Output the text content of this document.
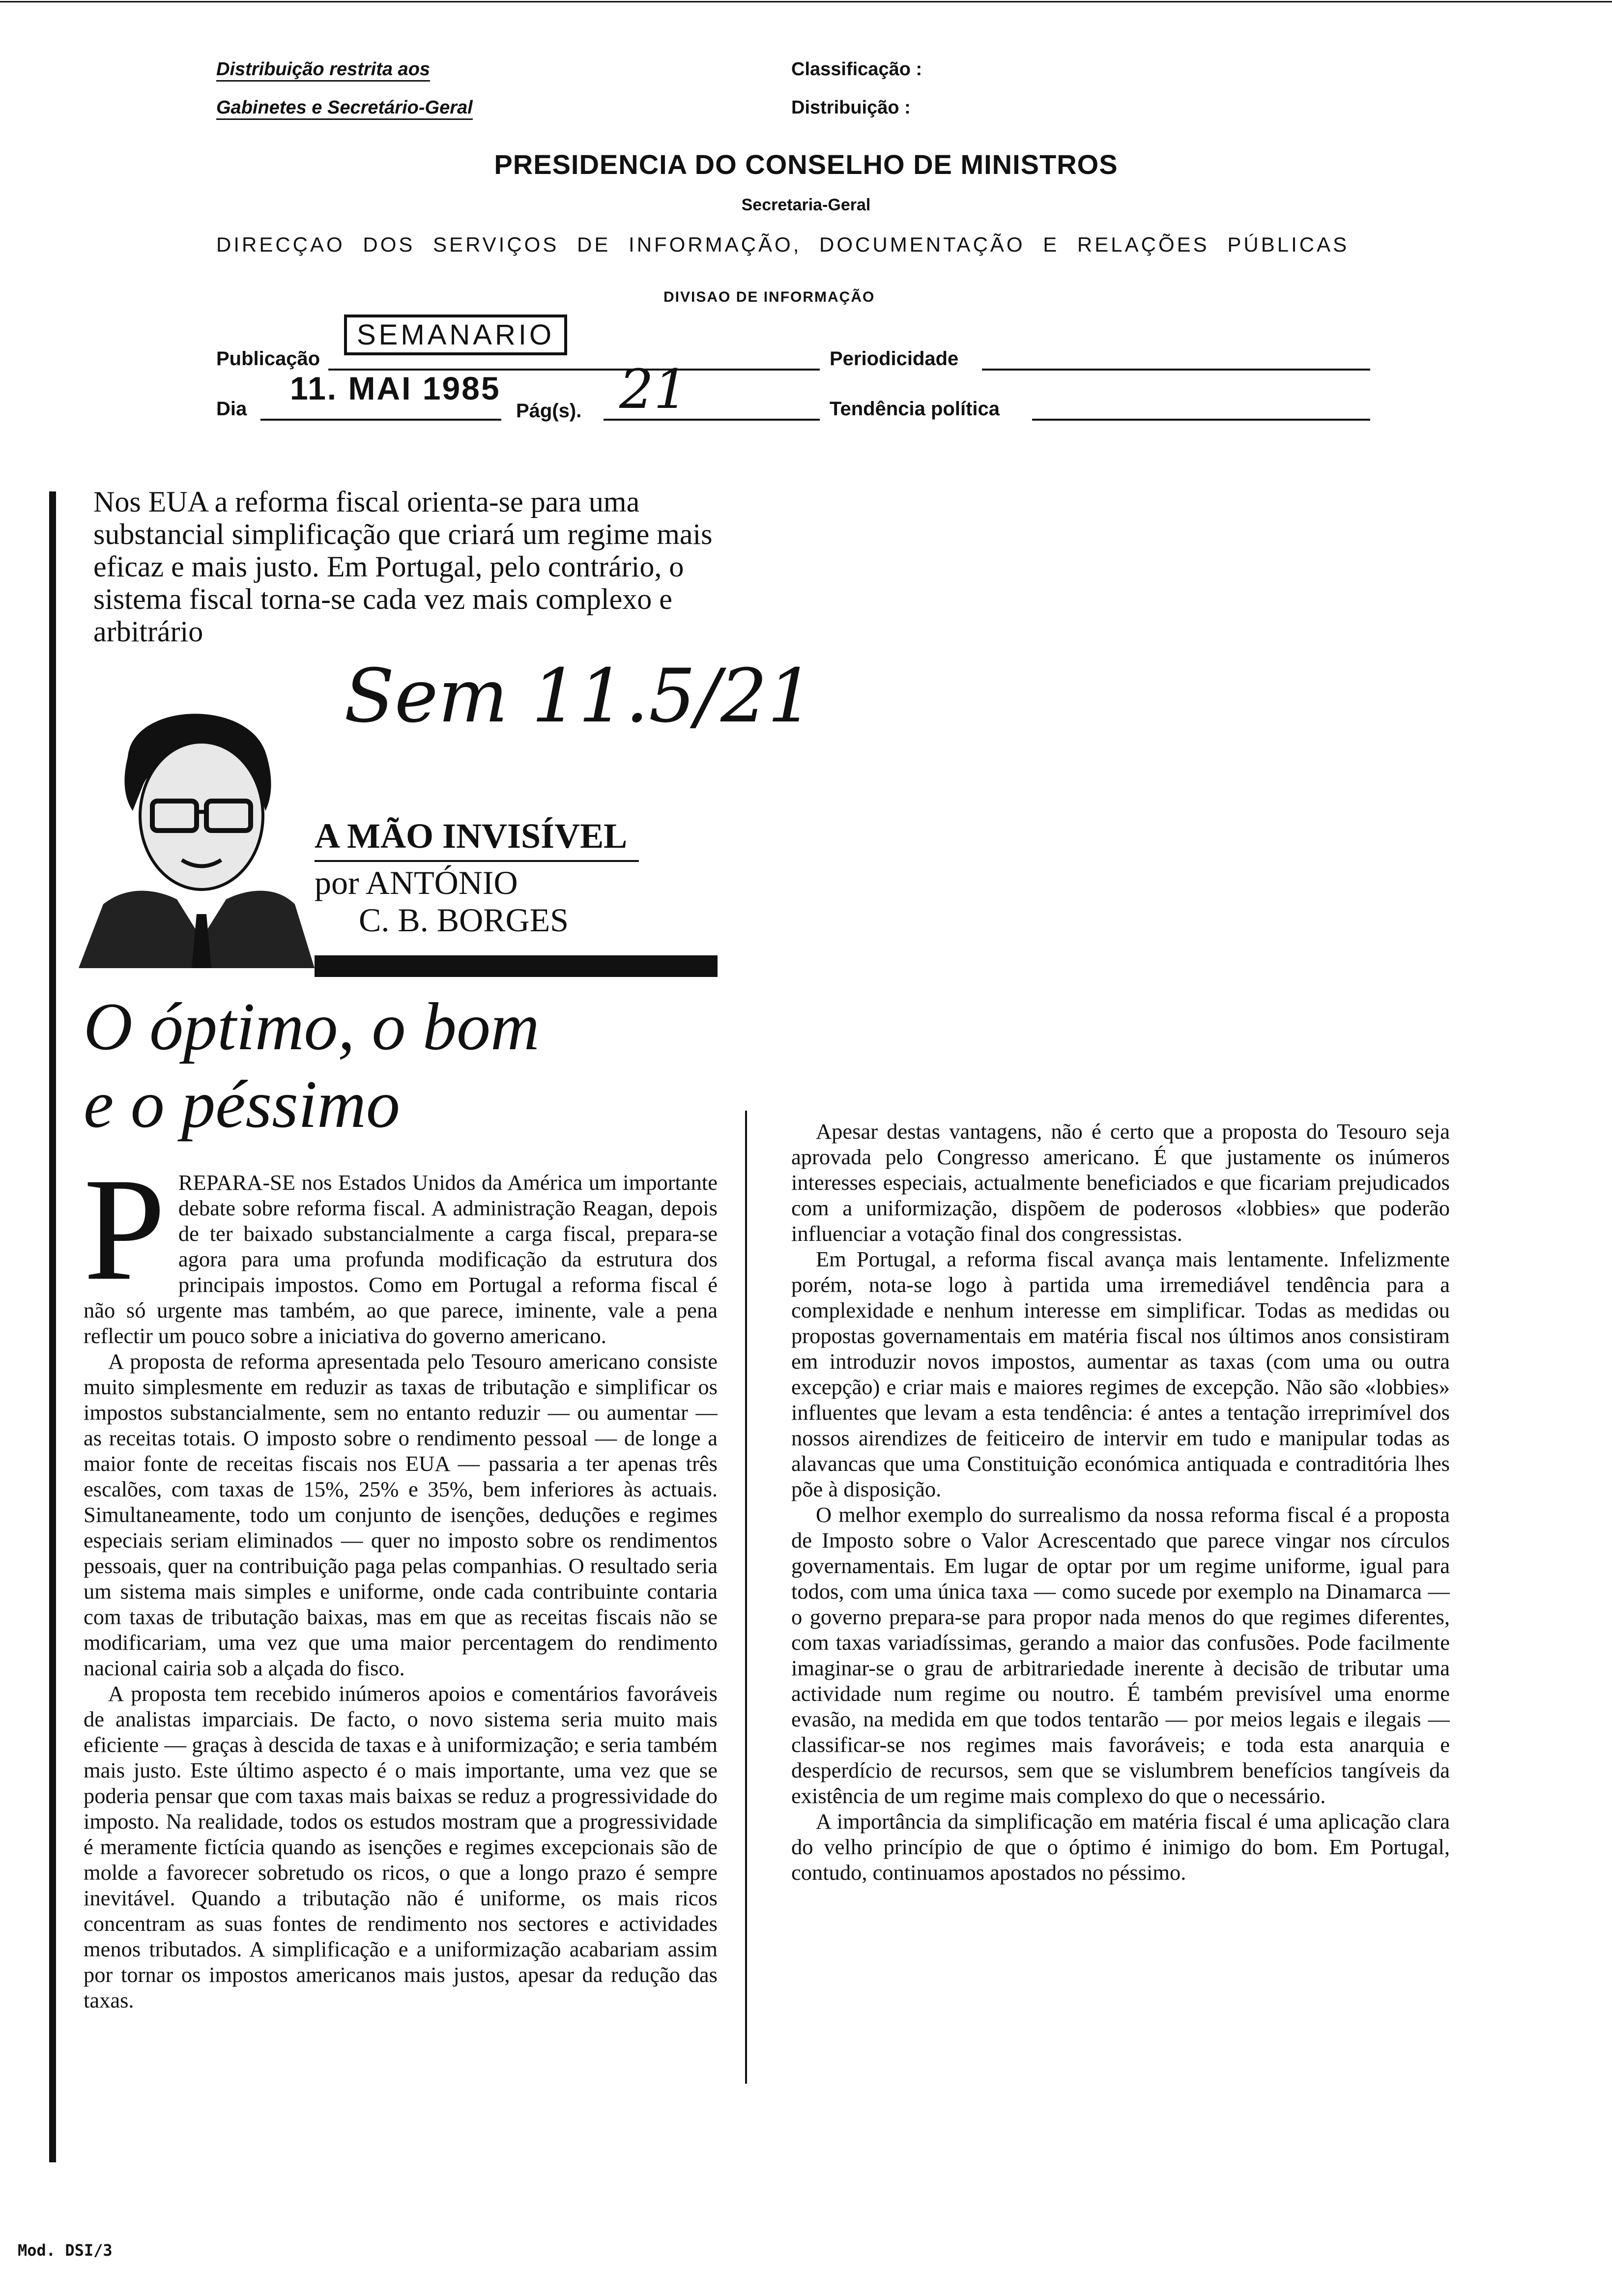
Distribuição restrita aos
Gabinetes e Secretário-Geral
Classificação :
Distribuição :
PRESIDENCIA DO CONSELHO DE MINISTROS
Secretaria-Geral
DIRECÇAO DOS SERVIÇOS DE INFORMAÇÃO, DOCUMENTAÇÃO E RELAÇÕES PÚBLICAS
DIVISAO DE INFORMAÇÃO
SEMANARIO
Publicação	Periodicidade
Dia
11. MAI 1985
Pág(s). 21	Tendência política
Nos EUA a reforma fiscal orienta-se para uma substancial simplificação que criará um regime mais eficaz e mais justo. Em Portugal, pelo contrário, o sistema fiscal torna-se cada vez mais complexo e arbitrário
Sem 11.5/21
A MÃO INVISÍVEL
por ANTÓNIO
C. B. BORGES
O óptimo, o bom
e o péssimo
P REPARA-SE nos Estados Unidos da América um importante debate sobre reforma fiscal. A administração Reagan, depois de ter baixado substancialmente a carga fiscal, prepara-se agora para uma profunda modificação da estrutura dos principais impostos. Como em Portugal a reforma fiscal é não só urgente mas também, ao que parece, iminente, vale a pena reflectir um pouco sobre a iniciativa do governo americano.

A proposta de reforma apresentada pelo Tesouro americano consiste muito simplesmente em reduzir as taxas de tributação e simplificar os impostos substancialmente, sem no entanto reduzir — ou aumentar — as receitas totais. O imposto sobre o rendimento pessoal — de longe a maior fonte de receitas fiscais nos EUA — passaria a ter apenas três escalões, com taxas de 15%, 25% e 35%, bem inferiores às actuais. Simultaneamente, todo um conjunto de isenções, deduções e regimes especiais seriam eliminados — quer no imposto sobre os rendimentos pessoais, quer na contribuição paga pelas companhias. O resultado seria um sistema mais simples e uniforme, onde cada contribuinte contaria com taxas de tributação baixas, mas em que as receitas fiscais não se modificariam, uma vez que uma maior percentagem do rendimento nacional cairia sob a alçada do fisco.

A proposta tem recebido inúmeros apoios e comentários favoráveis de analistas imparciais. De facto, o novo sistema seria muito mais eficiente — graças à descida de taxas e à uniformização; e seria também mais justo. Este último aspecto é o mais importante, uma vez que se poderia pensar que com taxas mais baixas se reduz a progressividade do imposto. Na realidade, todos os estudos mostram que a progressividade é meramente fictícia quando as isenções e regimes excepcionais são de molde a favorecer sobretudo os ricos, o que a longo prazo é sempre inevitável. Quando a tributação não é uniforme, os mais ricos concentram as suas fontes de rendimento nos sectores e actividades menos tributados. A simplificação e a uniformização acabariam assim por tornar os impostos americanos mais justos, apesar da redução das taxas.

Apesar destas vantagens, não é certo que a proposta do Tesouro seja aprovada pelo Congresso americano. É que justamente os inúmeros interesses especiais, actualmente beneficiados e que ficariam prejudicados com a uniformização, dispõem de poderosos «lobbies» que poderão influenciar a votação final dos congressistas.

Em Portugal, a reforma fiscal avança mais lentamente. Infelizmente porém, nota-se logo à partida uma irremediável tendência para a complexidade e nenhum interesse em simplificar. Todas as medidas ou propostas governamentais em matéria fiscal nos últimos anos consistiram em introduzir novos impostos, aumentar as taxas (com uma ou outra excepção) e criar mais e maiores regimes de excepção. Não são «lobbies» influentes que levam a esta tendência: é antes a tentação irreprimível dos nossos airendizes de feiticeiro de intervir em tudo e manipular todas as alavancas que uma Constituição económica antiquada e contraditória lhes põe à disposição.

O melhor exemplo do surrealismo da nossa reforma fiscal é a proposta de Imposto sobre o Valor Acrescentado que parece vingar nos círculos governamentais. Em lugar de optar por um regime uniforme, igual para todos, com uma única taxa — como sucede por exemplo na Dinamarca — o governo prepara-se para propor nada menos do que regimes diferentes, com taxas variadíssimas, gerando a maior das confusões. Pode facilmente imaginar-se o grau de arbitrariedade inerente à decisão de tributar uma actividade num regime ou noutro. É também previsível uma enorme evasão, na medida em que todos tentarão — por meios legais e ilegais — classificar-se nos regimes mais favoráveis; e toda esta anarquia e desperdício de recursos, sem que se vislumbrem benefícios tangíveis da existência de um regime mais complexo do que o necessário.

A importância da simplificação em matéria fiscal é uma aplicação clara do velho princípio de que o óptimo é inimigo do bom. Em Portugal, contudo, continuamos apostados no péssimo.

Mod. DSI/3
